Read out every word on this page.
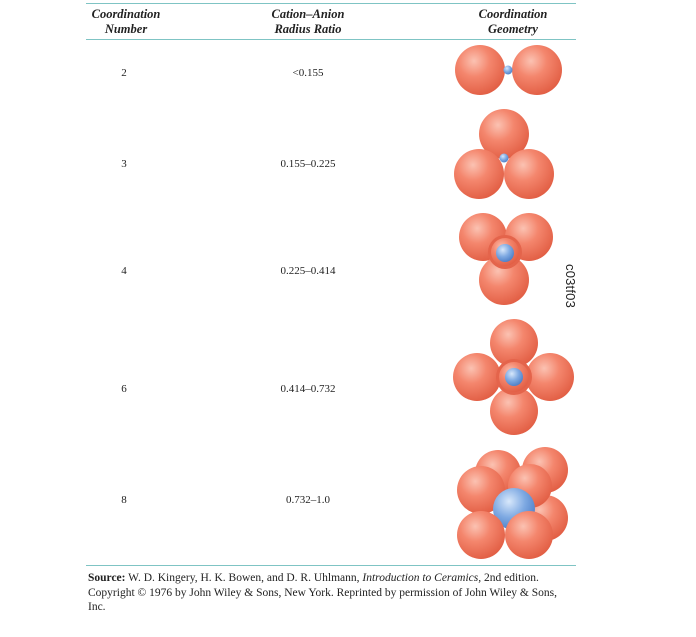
Coordination
Number
Cation–Anion
Radius Ratio
Coordination
Geometry
2
3
4
6
8
<0.155
0.155–0.225
0.225–0.414
0.414–0.732
0.732–1.0
c03tf03
Source: W. D. Kingery, H. K. Bowen, and D. R. Uhlmann, Introduction to Ceramics, 2nd edition. Copyright © 1976 by John Wiley & Sons, New York. Reprinted by permission of John Wiley & Sons, Inc.
